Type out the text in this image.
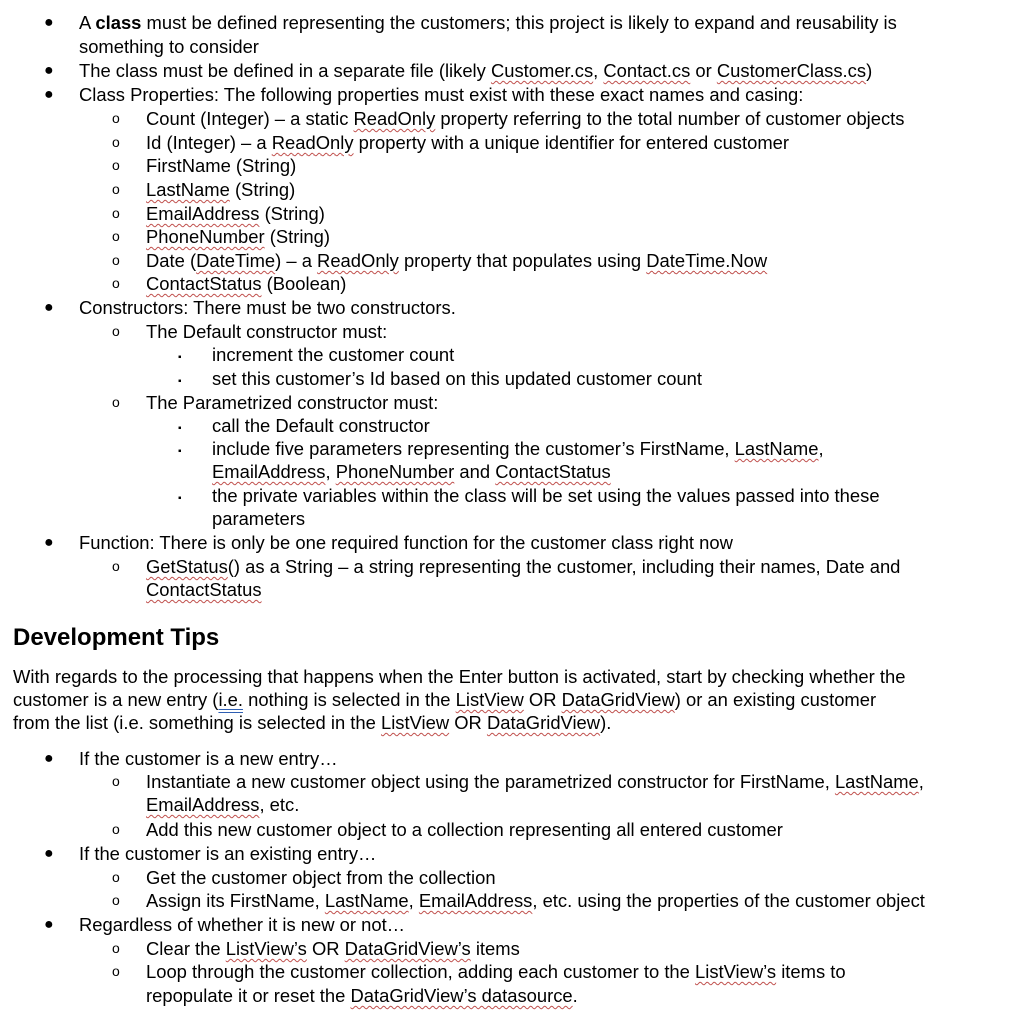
● A class must be defined representing the customers; this project is likely to expand and reusability is
something to consider
● The class must be defined in a separate file (likely Customer.cs, Contact.cs or CustomerClass.cs)
● Class Properties: The following properties must exist with these exact names and casing:
o Count (Integer) – a static ReadOnly property referring to the total number of customer objects
o Id (Integer) – a ReadOnly property with a unique identifier for entered customer
o FirstName (String)
o LastName (String)
o EmailAddress (String)
o PhoneNumber (String)
o Date (DateTime) – a ReadOnly property that populates using DateTime.Now
o ContactStatus (Boolean)
● Constructors: There must be two constructors.
o The Default constructor must:
▪ increment the customer count
▪ set this customer’s Id based on this updated customer count
o The Parametrized constructor must:
▪ call the Default constructor
▪ include five parameters representing the customer’s FirstName, LastName,
EmailAddress, PhoneNumber and ContactStatus
▪ the private variables within the class will be set using the values passed into these
parameters
● Function: There is only be one required function for the customer class right now
o GetStatus() as a String – a string representing the customer, including their names, Date and
ContactStatus
Development Tips
With regards to the processing that happens when the Enter button is activated, start by checking whether the
customer is a new entry (i.e. nothing is selected in the ListView OR DataGridView) or an existing customer
from the list (i.e. something is selected in the ListView OR DataGridView).
● If the customer is a new entry…
o Instantiate a new customer object using the parametrized constructor for FirstName, LastName,
EmailAddress, etc.
o Add this new customer object to a collection representing all entered customer
● If the customer is an existing entry…
o Get the customer object from the collection
o Assign its FirstName, LastName, EmailAddress, etc. using the properties of the customer object
● Regardless of whether it is new or not…
o Clear the ListView’s OR DataGridView’s items
o Loop through the customer collection, adding each customer to the ListView’s items to
repopulate it or reset the DataGridView’s datasource.
